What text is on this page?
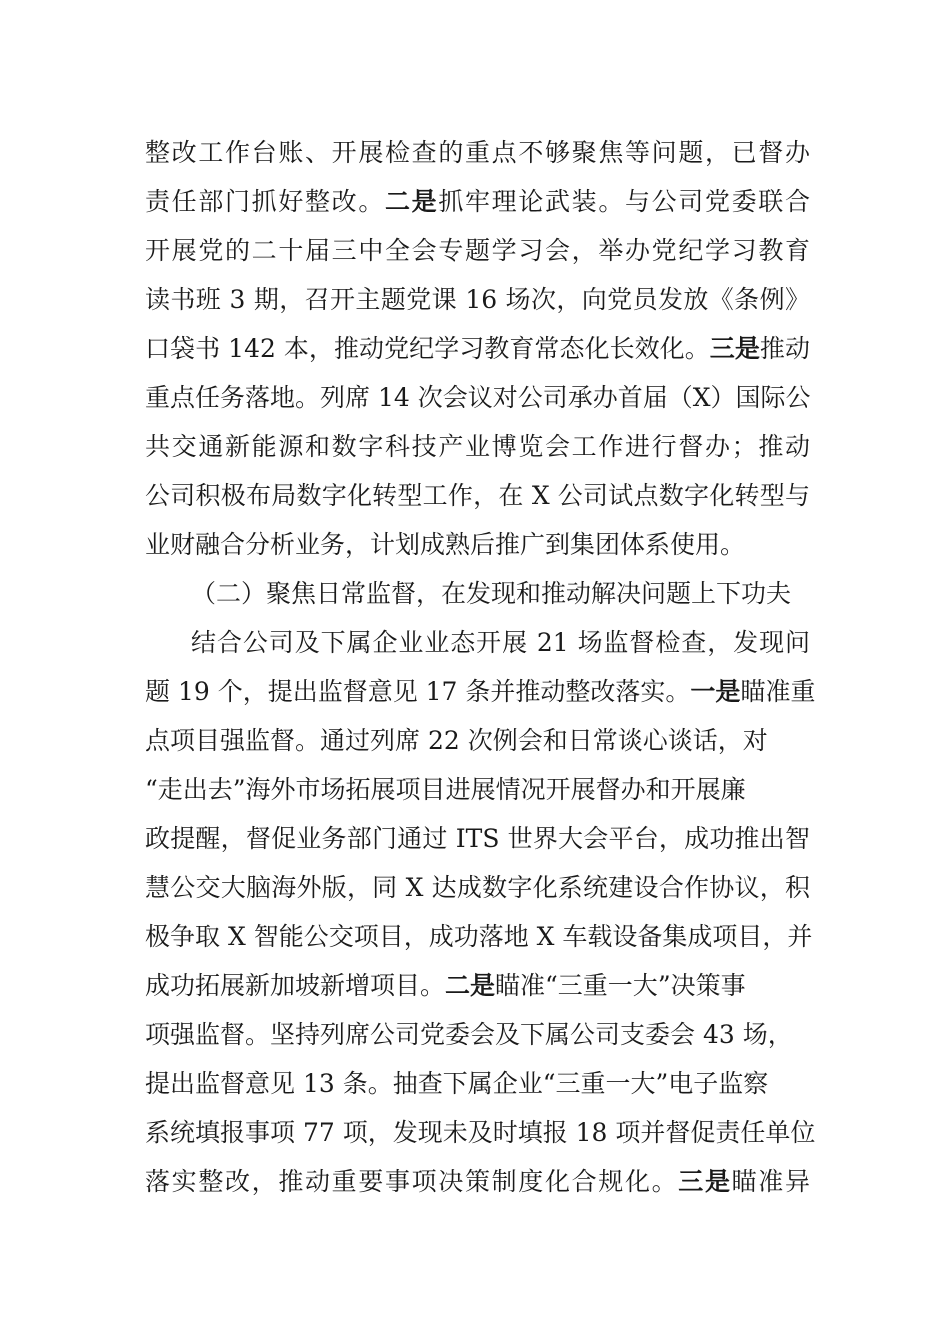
整改工作台账、开展检查的重点不够聚焦等问题，已督办
责任部门抓好整改。二是抓牢理论武装。与公司党委联合
开展党的二十届三中全会专题学习会，举办党纪学习教育
读书班 3 期，召开主题党课 16 场次，向党员发放《条例》
口袋书 142 本，推动党纪学习教育常态化长效化。三是推动
重点任务落地。列席 14 次会议对公司承办首届（X）国际公
共交通新能源和数字科技产业博览会工作进行督办；推动
公司积极布局数字化转型工作，在 X 公司试点数字化转型与
业财融合分析业务，计划成熟后推广到集团体系使用。
（二）聚焦日常监督，在发现和推动解决问题上下功夫
结合公司及下属企业业态开展 21 场监督检查，发现问
题 19 个，提出监督意见 17 条并推动整改落实。一是瞄准重
点项目强监督。通过列席 22 次例会和日常谈心谈话，对
“走出去”海外市场拓展项目进展情况开展督办和开展廉
政提醒，督促业务部门通过 ITS 世界大会平台，成功推出智
慧公交大脑海外版，同 X 达成数字化系统建设合作协议，积
极争取 X 智能公交项目，成功落地 X 车载设备集成项目，并
成功拓展新加坡新增项目。二是瞄准“三重一大”决策事
项强监督。坚持列席公司党委会及下属公司支委会 43 场，
提出监督意见 13 条。抽查下属企业“三重一大”电子监察
系统填报事项 77 项，发现未及时填报 18 项并督促责任单位
落实整改，推动重要事项决策制度化合规化。三是瞄准异
